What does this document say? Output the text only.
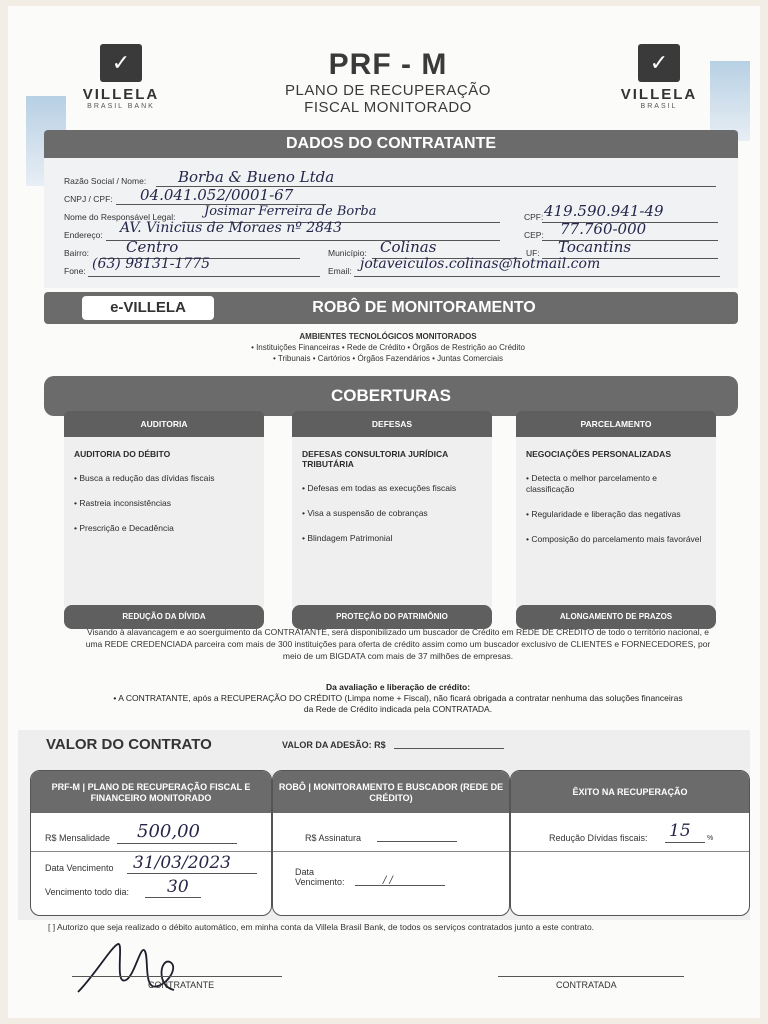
✓
VILLELA
BRASIL BANK
PRF - M
PLANO DE RECUPERAÇÃO
FISCAL MONITORADO
✓
VILLELA
BRASIL
DADOS DO CONTRATANTE
Razão Social / Nome: Borba & Bueno Ltda
CNPJ / CPF: 04.041.052/0001-67
Nome do Responsável Legal: Josimar Ferreira de Borba	CPF: 419.590.941-49
Endereço: AV. Vinicius de Moraes nº 2843	CEP: 77.760-000
Bairro: Centro	Município: Colinas	UF: Tocantins
Fone: (63) 98131-1775	Email: jotaveiculos.colinas@hotmail.com
e-VILLELA	ROBÔ DE MONITORAMENTO
AMBIENTES TECNOLÓGICOS MONITORADOS
• Instituições Financeiras • Rede de Crédito • Órgãos de Restrição ao Crédito
• Tribunais • Cartórios • Órgãos Fazendários • Juntas Comerciais
COBERTURAS
AUDITORIA
AUDITORIA DO DÉBITO
• Busca a redução das dívidas fiscais
• Rastreia inconsistências
• Prescrição e Decadência
REDUÇÃO DA DÍVIDA
DEFESAS
DEFESAS CONSULTORIA JURÍDICA TRIBUTÁRIA
• Defesas em todas as execuções fiscais
• Visa a suspensão de cobranças
• Blindagem Patrimonial
PROTEÇÃO DO PATRIMÔNIO
PARCELAMENTO
NEGOCIAÇÕES PERSONALIZADAS
• Detecta o melhor parcelamento e classificação
• Regularidade e liberação das negativas
• Composição do parcelamento mais favorável
ALONGAMENTO DE PRAZOS
Visando à alavancagem e ao soerguimento da CONTRATANTE, será disponibilizado um buscador de Crédito em REDE DE CRÉDITO de todo o território nacional, e uma REDE CREDENCIADA parceira com mais de 300 instituições para oferta de crédito assim como um buscador exclusivo de CLIENTES e FORNECEDORES, por meio de um BIGDATA com mais de 37 milhões de empresas.
Da avaliação e liberação de crédito:
• A CONTRATANTE, após a RECUPERAÇÃO DO CRÉDITO (Limpa nome + Fiscal), não ficará obrigada a contratar nenhuma das soluções financeiras da Rede de Crédito indicada pela CONTRATADA.
VALOR DO CONTRATO	VALOR DA ADESÃO: R$
PRF-M | PLANO DE RECUPERAÇÃO FISCAL E FINANCEIRO MONITORADO
R$ Mensalidade 500,00
Data Vencimento 31/03/2023
Vencimento todo dia: 30
ROBÔ | MONITORAMENTO E BUSCADOR (REDE DE CRÉDITO)
R$ Assinatura
Data
Vencimento:	/ /
ÊXITO NA RECUPERAÇÃO
Redução Dívidas fiscais: 15 %
[ ] Autorizo que seja realizado o débito automático, em minha conta da Villela Brasil Bank, de todos os serviços contratados junto a este contrato.
CONTRATANTE	CONTRATADA
